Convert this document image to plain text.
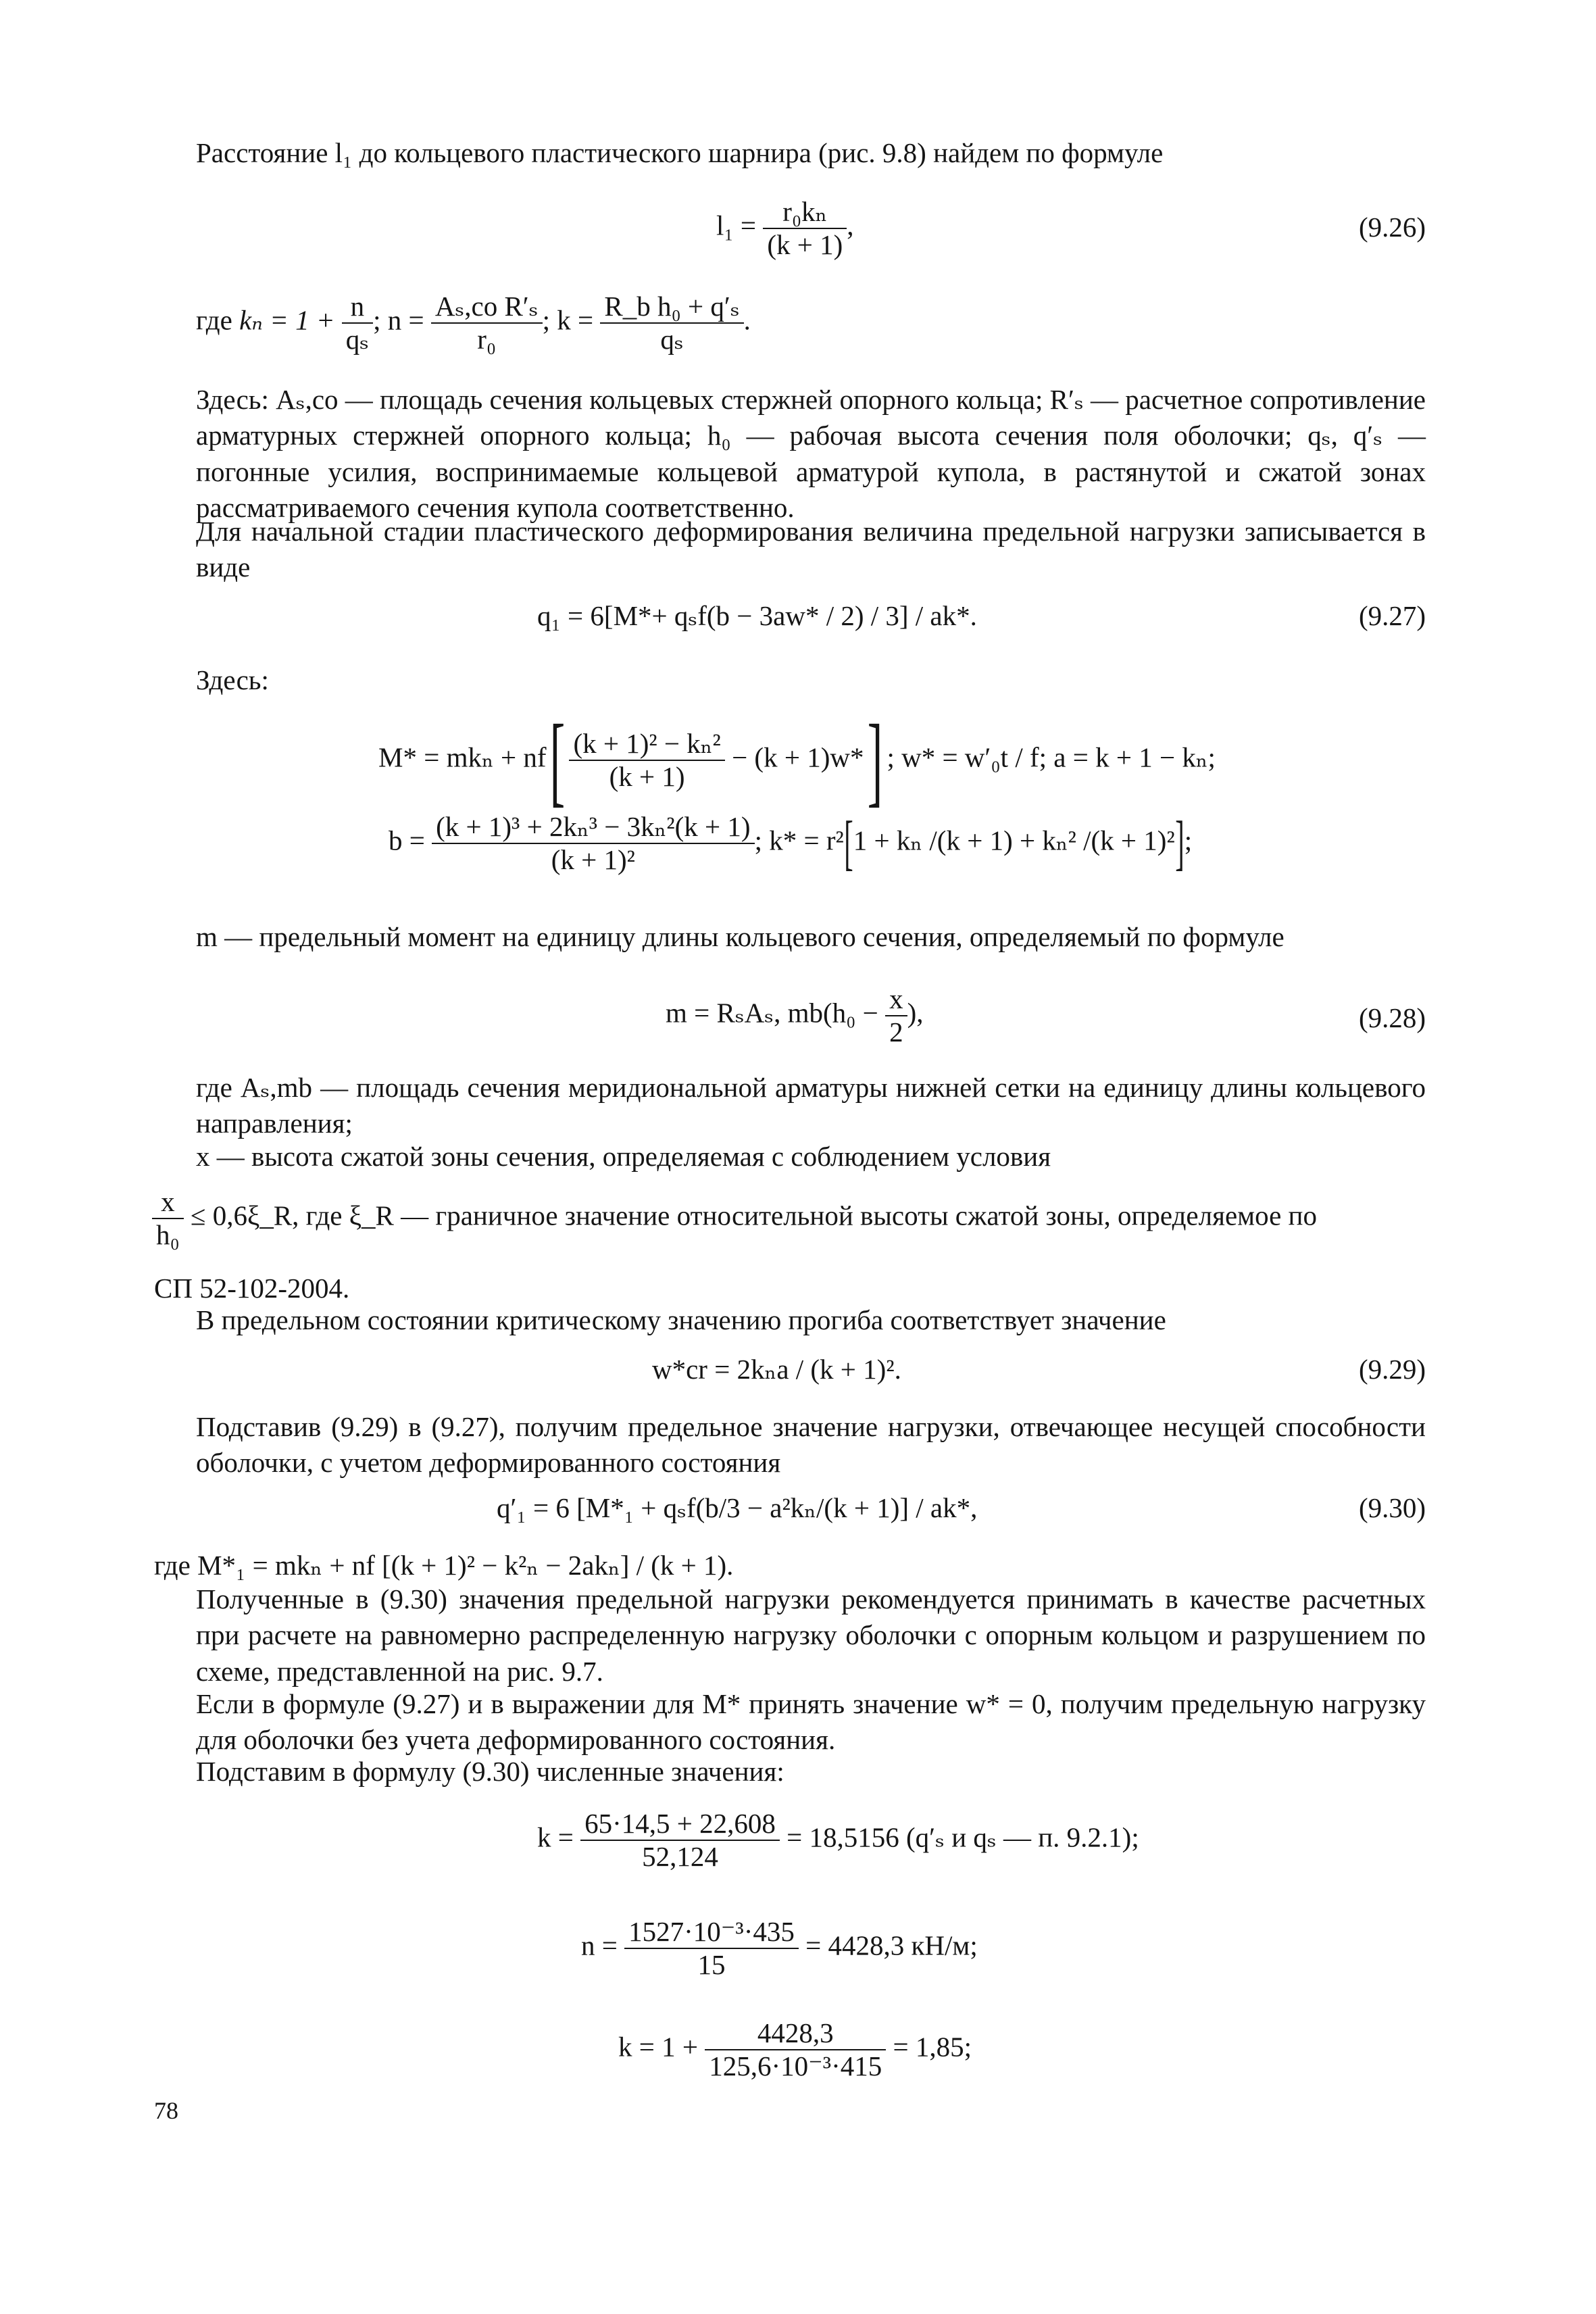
Расстояние l₁ до кольцевого пластического шарнира (рис. 9.8) найдем по формуле

$l_1 = \frac{\text{r₀kₙ}}{(k + 1)}$ ,	(9.26)
где $k_n = 1 + \frac{n}{\text{qₛ}}$ ; $n = \frac{\text{Aₛ,co R′ₛ}}{\text{r₀}}$ ; $k = \frac{\text{R\_b h₀ + q′ₛ}}{\text{qₛ}}$ .

Здесь: Aₛ,co — площадь сечения кольцевых стержней опорного кольца; R′ₛ — расчетное сопротивление арматурных стержней опорного кольца; h₀ — рабочая высота сечения поля оболочки; qₛ, q′ₛ — погонные усилия, воспринимаемые кольцевой арматурой купола, в растянутой и сжатой зонах рассматриваемого сечения купола соответственно.

Для начальной стадии пластического деформирования величина предельной нагрузки записывается в виде

q₁ = 6[M*+ qₛf(b − 3aw* / 2) / 3] / ak*.	(9.27)

Здесь:

$M* = mk_n + nf[ \frac{\text{(k + 1)² − kₙ²}}{(k + 1)} - (k + 1)w*]$ ; w* = w′₀t / f; a = k + 1 − kₙ;
$b = \frac{\text{(k + 1)³ + 2kₙ³ − 3kₙ²(k + 1)}}{\text{(k + 1)²}}$ ; k* = r²[1 + kₙ /(k + 1) + kₙ² /(k + 1)²];

m — предельный момент на единицу длины кольцевого сечения, определяемый по формуле

m = RₛAₛ, $mb(h_0 - \frac{x}{2}$ ),	(9.28)

где Aₛ,mb — площадь сечения меридиональной арматуры нижней сетки на единицу длины кольцевого направления;

x — высота сжатой зоны сечения, определяемая с соблюдением условия

$\frac{x}{\text{h₀}}$ ≤ 0,6ξ_R, где ξ_R — граничное значение относительной высоты сжатой зоны, определяемое по

СП 52-102-2004.

В предельном состоянии критическому значению прогиба соответствует значение

w*cr = 2kₙa / (k + 1)².	(9.29)

Подставив (9.29) в (9.27), получим предельное значение нагрузки, отвечающее несущей способности оболочки, с учетом деформированного состояния

q′₁ = 6 [M*₁ + qₛf(b/3 − a²kₙ/(k + 1)] / ak*,	(9.30)

где M*₁ = mkₙ + nf [(k + 1)² − k²ₙ − 2akₙ] / (k + 1).

Полученные в (9.30) значения предельной нагрузки рекомендуется принимать в качестве расчетных при расчете на равномерно распределенную нагрузку оболочки с опорным кольцом и разрушением по схеме, представленной на рис. 9.7.

Если в формуле (9.27) и в выражении для M* принять значение w* = 0, получим предельную нагрузку для оболочки без учета деформированного состояния.

Подставим в формулу (9.30) численные значения:

$k = \frac{65\cdot 14,5 + 22,608}{52,124} = 18,5156$ (q′ₛ и qₛ — п. 9.2.1);
$n = \frac{\text{1527·10⁻³·435}}{15} = 4428,3$ кН/м;
$k = 1 + \frac{4428,3}{\text{125,6·10⁻³·415}} = 1,85$;
78
